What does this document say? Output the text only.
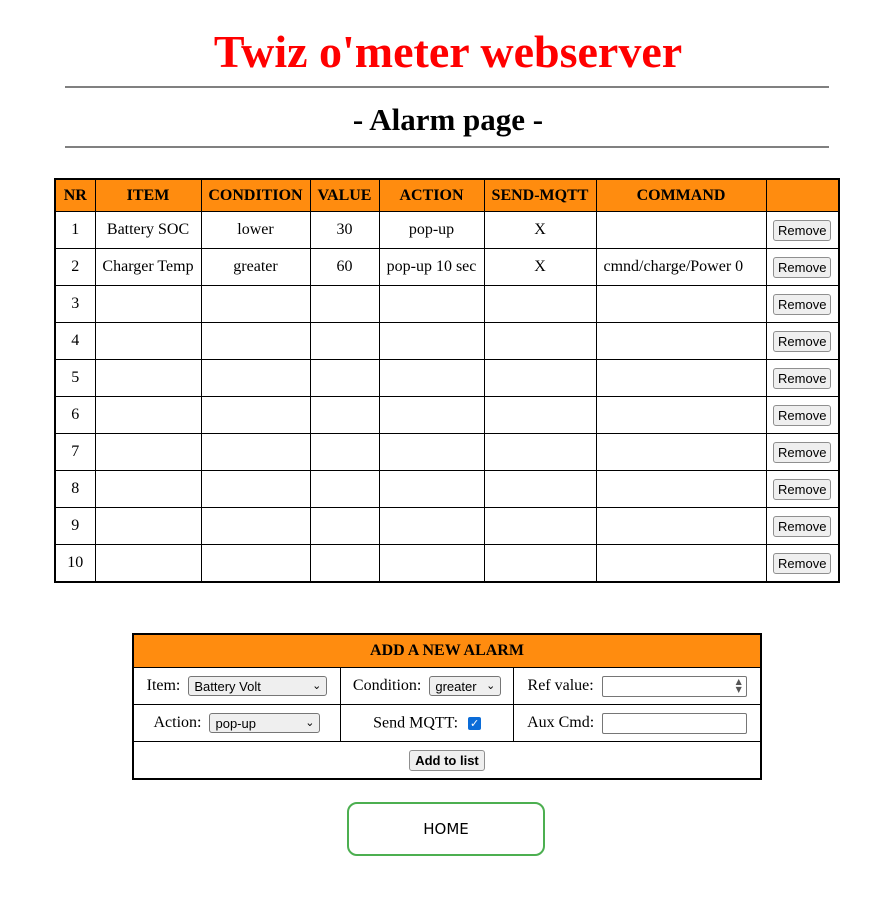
Twiz o'meter webserver
- Alarm page -
NR	ITEM	CONDITION	VALUE	ACTION	SEND-MQTT	COMMAND	
1	Battery SOC	lower	30	pop-up	X		Remove
2	Charger Temp	greater	60	pop-up 10 sec	X	cmnd/charge/Power 0	Remove
3							Remove
4							Remove
5							Remove
6							Remove
7							Remove
8							Remove
9							Remove
10							Remove
ADD A NEW ALARM		
Item: Battery Volt ⌄	Condition: greater ⌄	Ref value: ▲
▼

Action: pop-up ⌄	Send MQTT: ✓	Aux Cmd:
Add to list		
HOME
